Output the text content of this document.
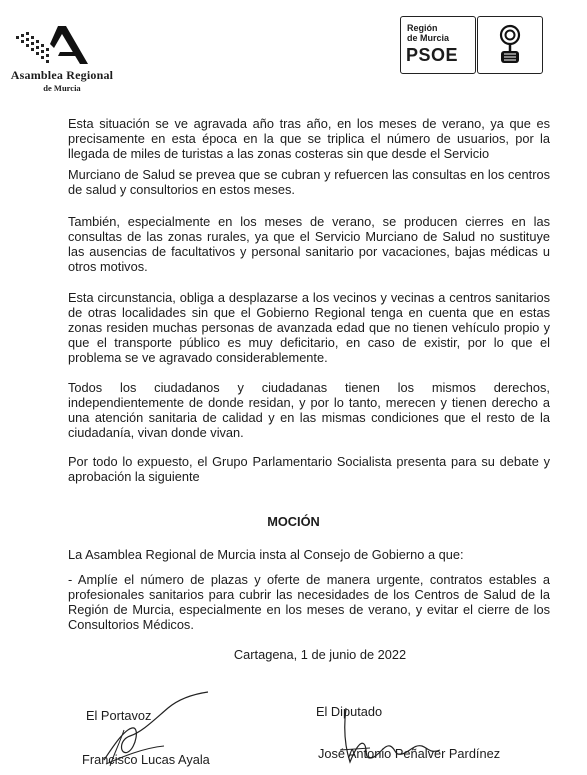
Asamblea Regional
de Murcia
Región
de Murcia
PSOE

Esta situación se ve agravada año tras año, en los meses de verano, ya que es precisamente en esta época en la que se triplica el número de usuarios, por la llegada de miles de turistas a las zonas costeras sin que desde el Servicio

Murciano de Salud se prevea que se cubran y refuercen las consultas en los centros de salud y consultorios en estos meses.

También, especialmente en los meses de verano, se producen cierres en las consultas de las zonas rurales, ya que el Servicio Murciano de Salud no sustituye las ausencias de facultativos y personal sanitario por vacaciones, bajas médicas u otros motivos.

Esta circunstancia, obliga a desplazarse a los vecinos y vecinas a centros sanitarios de otras localidades sin que el Gobierno Regional tenga en cuenta que en estas zonas residen muchas personas de avanzada edad que no tienen vehículo propio y que el transporte público es muy deficitario, en caso de existir, por lo que el problema se ve agravado considerablemente.

Todos los ciudadanos y ciudadanas tienen los mismos derechos, independientemente de donde residan, y por lo tanto, merecen y tienen derecho a una atención sanitaria de calidad y en las mismas condiciones que el resto de la ciudadanía, vivan donde vivan.

Por todo lo expuesto, el Grupo Parlamentario Socialista presenta para su debate y aprobación la siguiente

MOCIÓN

La Asamblea Regional de Murcia insta al Consejo de Gobierno a que:

- Amplíe el número de plazas y oferte de manera urgente, contratos estables a profesionales sanitarios para cubrir las necesidades de los Centros de Salud de la Región de Murcia, especialmente en los meses de verano, y evitar el cierre de los Consultorios Médicos.

Cartagena, 1 de junio de 2022

El Portavoz
Francisco Lucas Ayala
El Diputado
José Antonio Peñalver Pardínez
